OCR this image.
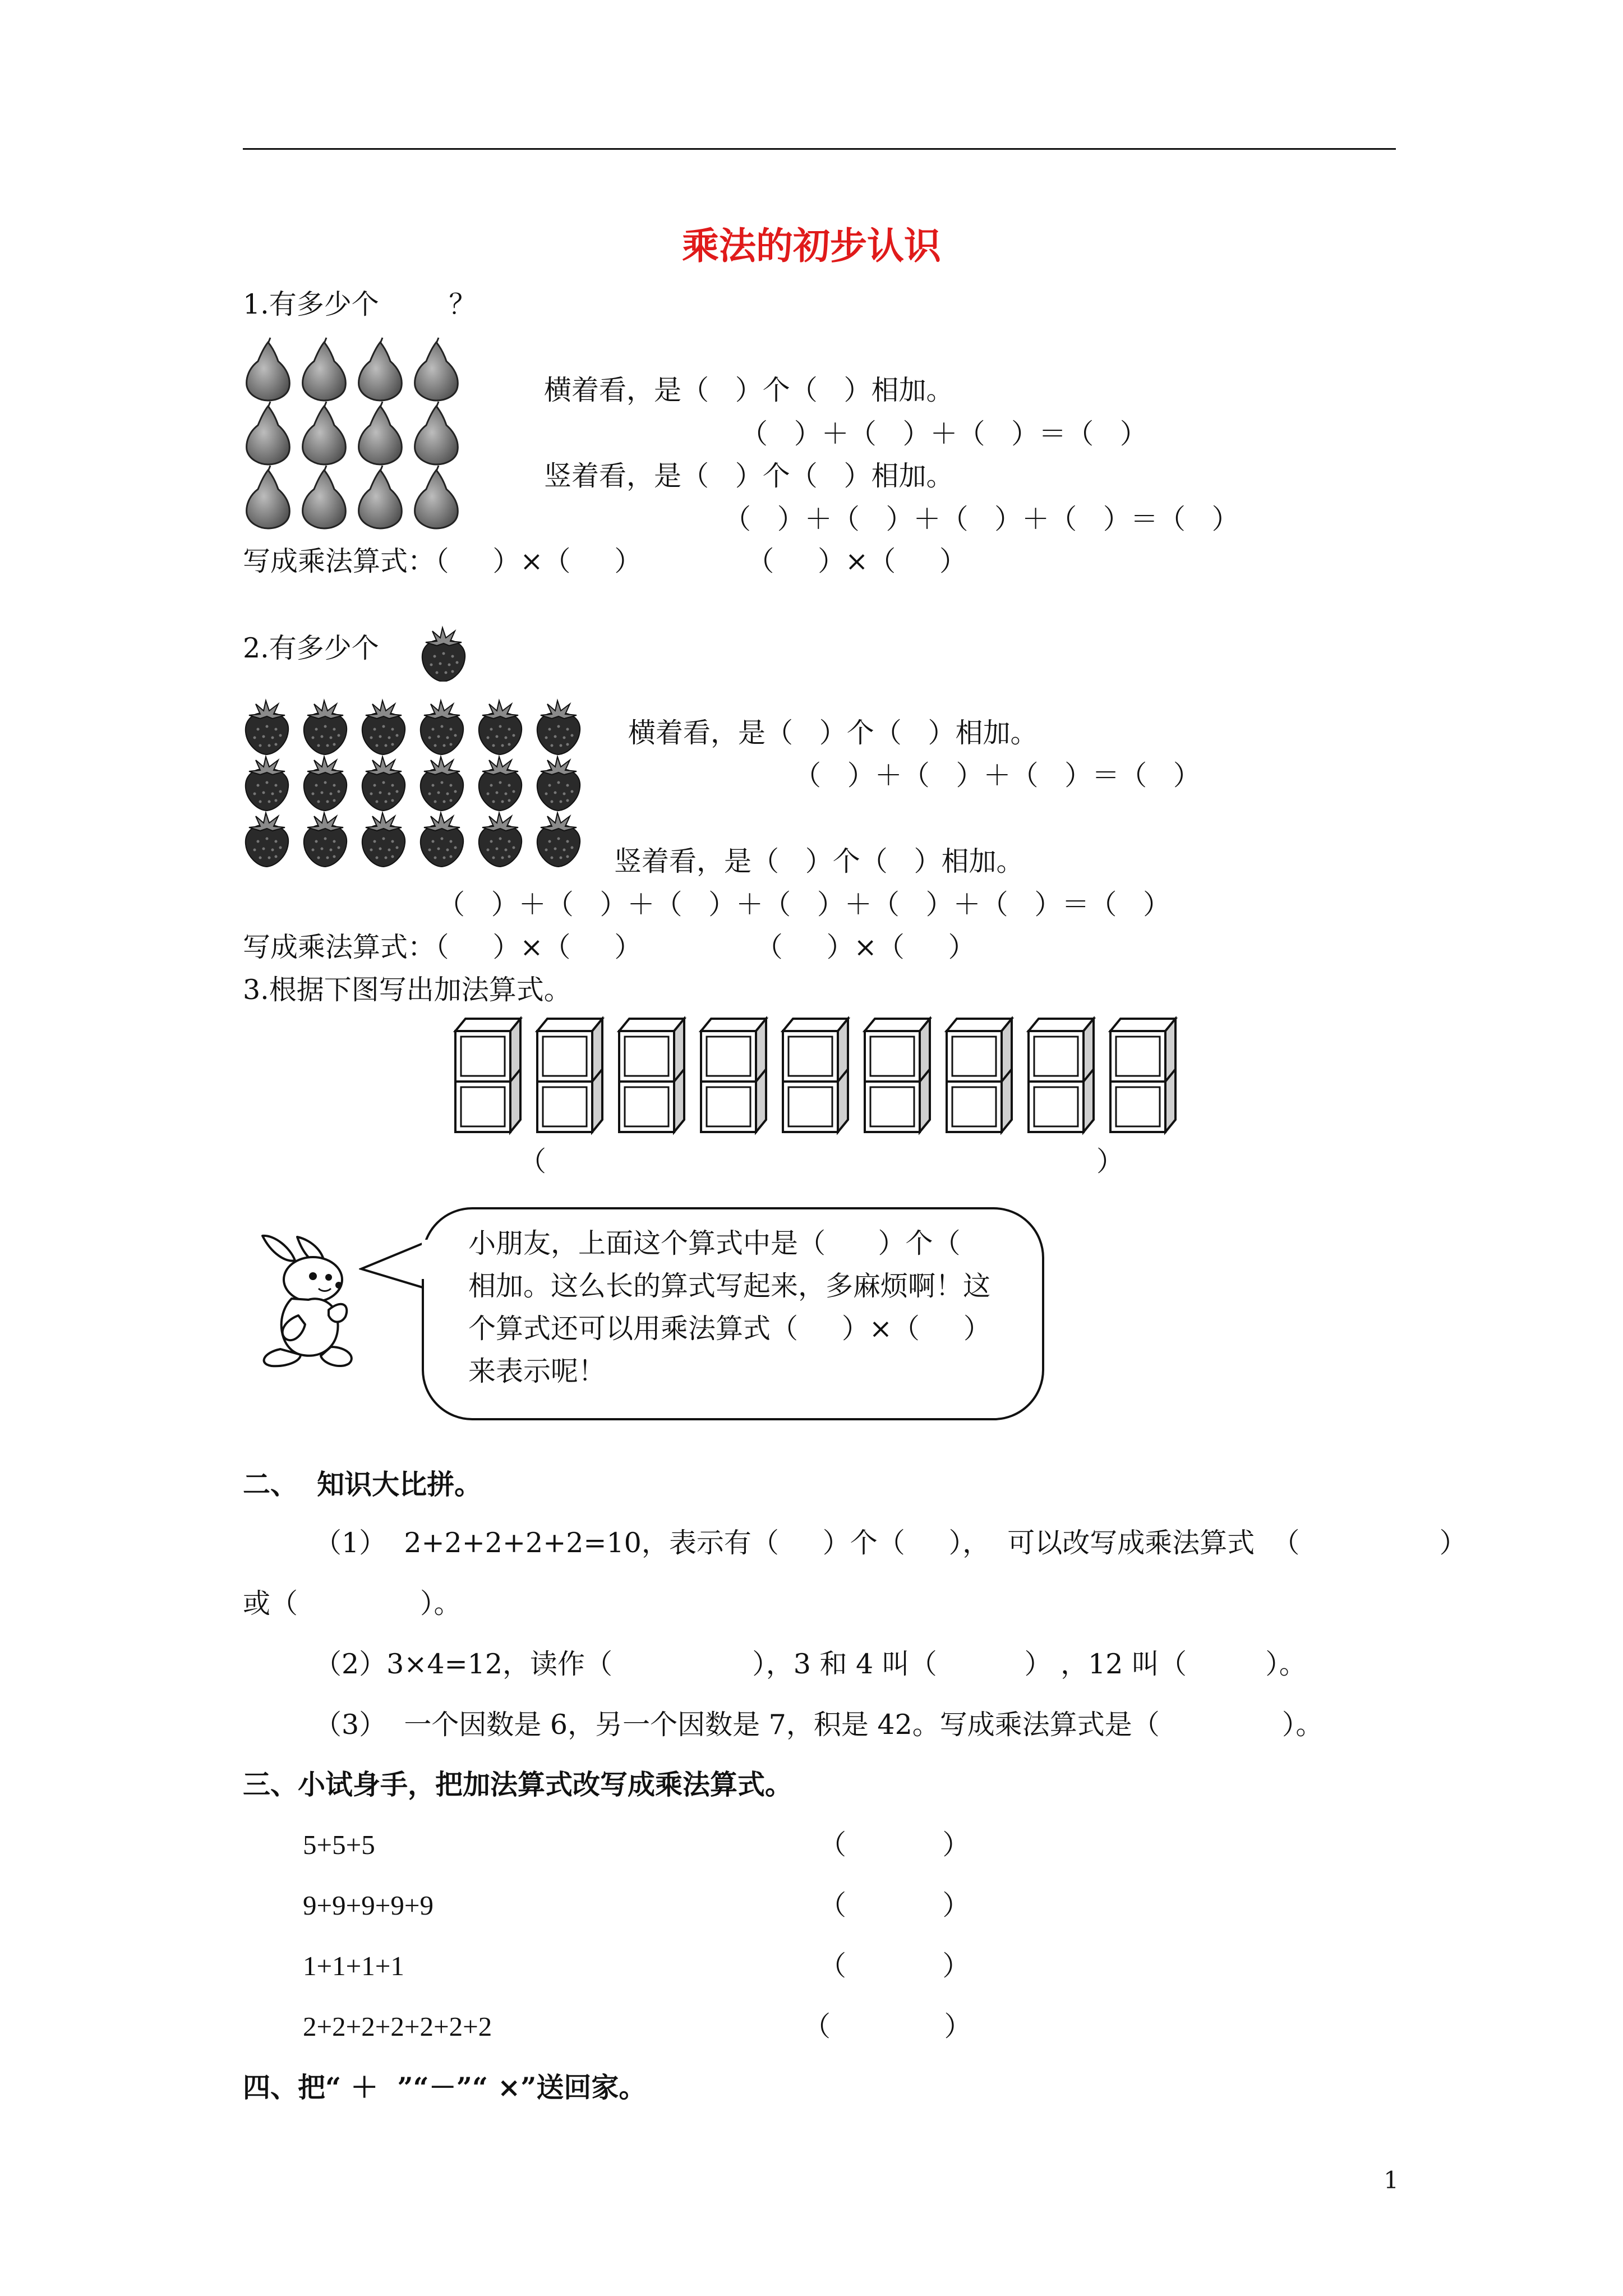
乘法的初步认识
1.有多少个        ？
横着看，是（   ）个（   ）相加。
（   ）＋（   ）＋（   ）＝（   ）
竖着看，是（   ）个（   ）相加。
（   ）＋（   ）＋（   ）＋（   ）＝（   ）
写成乘法算式：（     ）×（     ）            （     ）×（     ）
2.有多少个
横着看，是（   ）个（   ）相加。
（   ）＋（   ）＋（   ）＝（   ）
竖着看，是（   ）个（   ）相加。
（   ）＋（   ）＋（   ）＋（   ）＋（   ）＋（   ）＝（   ）
写成乘法算式：（     ）×（     ）             （     ）×（     ）
3.根据下图写出加法算式。
（	）
小朋友，上面这个算式中是（      ）个（
相加。这么长的算式写起来，多麻烦啊！这
个算式还可以用乘法算式（     ）×（     ）
来表示呢！
二、  知识大比拼。
（1）  2+2+2+2+2=10，表示有（     ）个（     ），  可以改写成乘法算式  （                ）
或（              ）。
（2）3×4=12，读作（                ），3 和 4 叫（          ） ，12 叫（         ）。
（3）  一个因数是 6，另一个因数是 7，积是 42。写成乘法算式是（              ）。
三、小试身手，把加法算式改写成乘法算式。
5+5+5	（           ）
9+9+9+9+9	（           ）
1+1+1+1	（           ）
2+2+2+2+2+2+2	（             ）
四、把“ ＋  ”“－”“ ×”送回家。
1
